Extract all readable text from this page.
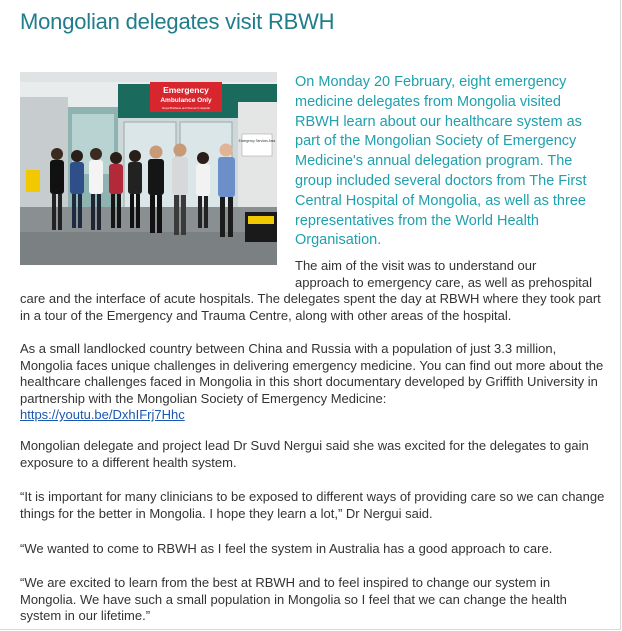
Mongolian delegates visit RBWH
Emergency
Ambulance Only
Royal Brisbane and Women's Hospital
Emergency Services Area

On Monday 20 February, eight emergency medicine delegates from Mongolia visited RBWH learn about our healthcare system as part of the Mongolian Society of Emergency Medicine's annual delegation program. The group included several doctors from The First Central Hospital of Mongolia, as well as three representatives from the World Health Organisation.

The aim of the visit was to understand our
approach to emergency care, as well as prehospital

care and the interface of acute hospitals. The delegates spent the day at RBWH where they took part in a tour of the Emergency and Trauma Centre, along with other areas of the hospital.

As a small landlocked country between China and Russia with a population of just 3.3 million, Mongolia faces unique challenges in delivering emergency medicine. You can find out more about the healthcare challenges faced in Mongolia in this short documentary developed by Griffith University in partnership with the Mongolian Society of Emergency Medicine:
https://youtu.be/DxhIFrj7Hhc

Mongolian delegate and project lead Dr Suvd Nergui said she was excited for the delegates to gain exposure to a different health system.

“It is important for many clinicians to be exposed to different ways of providing care so we can change things for the better in Mongolia. I hope they learn a lot,” Dr Nergui said.

“We wanted to come to RBWH as I feel the system in Australia has a good approach to care.

“We are excited to learn from the best at RBWH and to feel inspired to change our system in Mongolia. We have such a small population in Mongolia so I feel that we can change the health system in our lifetime.”
